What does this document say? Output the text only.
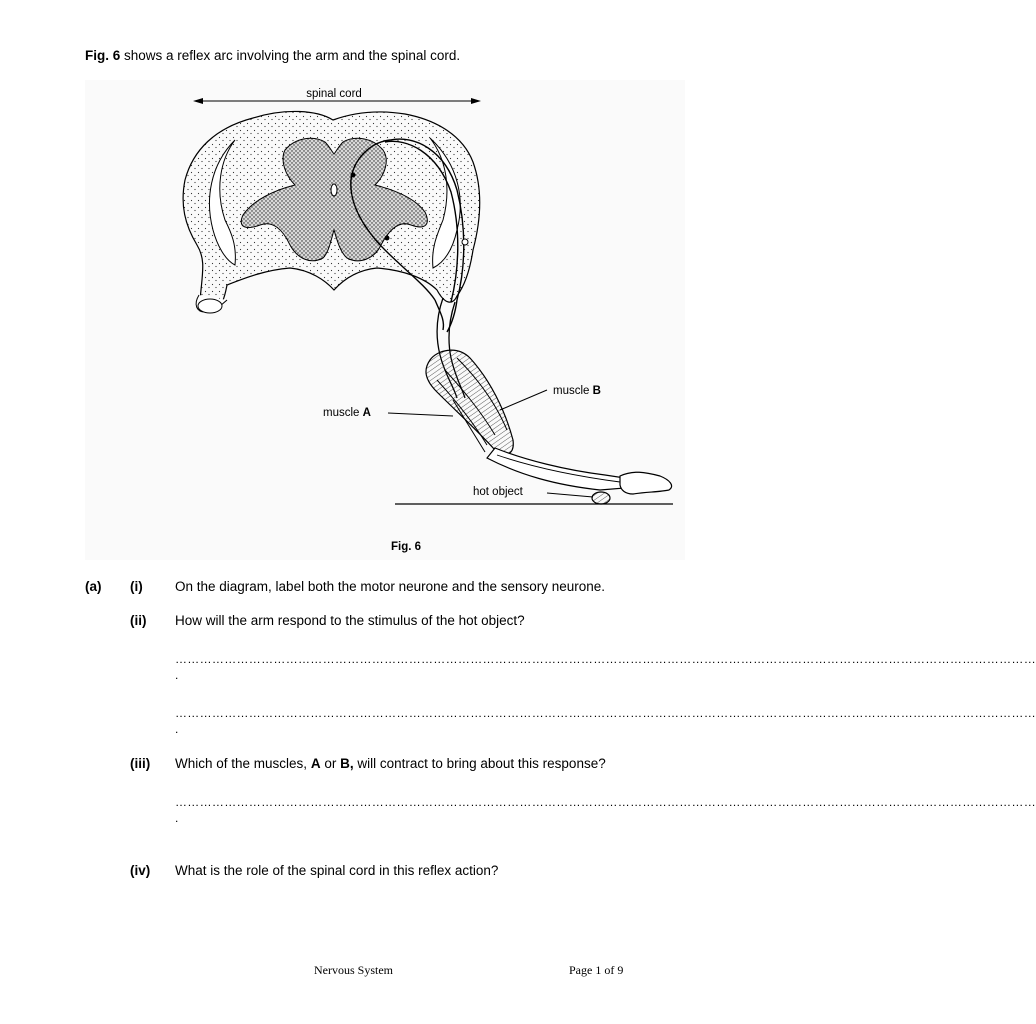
Fig. 6 shows a reflex arc involving the arm and the spinal cord.
spinal cord
muscle B
muscle A
hot object
Fig. 6
(a) (i) On the diagram, label both the motor neurone and the sensory neurone.
(ii) How will the arm respond to the stimulus of the hot object?
…………………………………………………………………………………………………………………………………………………………………………………………
.
…………………………………………………………………………………………………………………………………………………………………………………………
.
(iii) Which of the muscles, A or B, will contract to bring about this response?
…………………………………………………………………………………………………………………………………………………………………………………………
.
(iv) What is the role of the spinal cord in this reflex action?
Nervous System	Page 1 of 9
